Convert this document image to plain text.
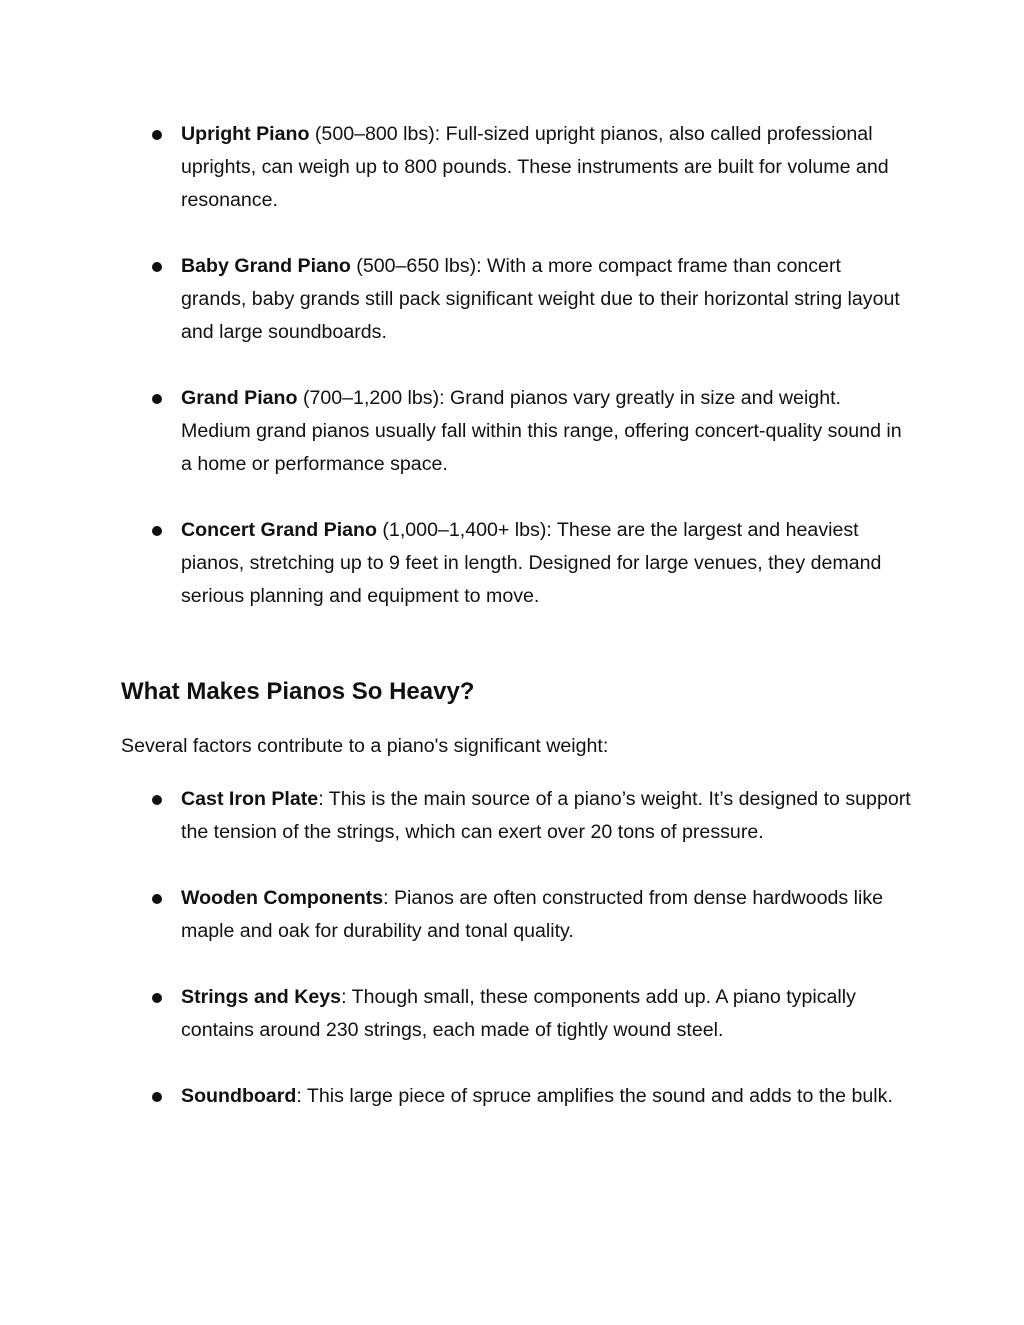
Upright Piano (500–800 lbs): Full-sized upright pianos, also called professional uprights, can weigh up to 800 pounds. These instruments are built for volume and resonance.
Baby Grand Piano (500–650 lbs): With a more compact frame than concert grands, baby grands still pack significant weight due to their horizontal string layout and large soundboards.
Grand Piano (700–1,200 lbs): Grand pianos vary greatly in size and weight. Medium grand pianos usually fall within this range, offering concert-quality sound in a home or performance space.
Concert Grand Piano (1,000–1,400+ lbs): These are the largest and heaviest pianos, stretching up to 9 feet in length. Designed for large venues, they demand serious planning and equipment to move.
What Makes Pianos So Heavy?

Several factors contribute to a piano's significant weight:

Cast Iron Plate: This is the main source of a piano’s weight. It’s designed to support the tension of the strings, which can exert over 20 tons of pressure.
Wooden Components: Pianos are often constructed from dense hardwoods like maple and oak for durability and tonal quality.
Strings and Keys: Though small, these components add up. A piano typically contains around 230 strings, each made of tightly wound steel.
Soundboard: This large piece of spruce amplifies the sound and adds to the bulk.
